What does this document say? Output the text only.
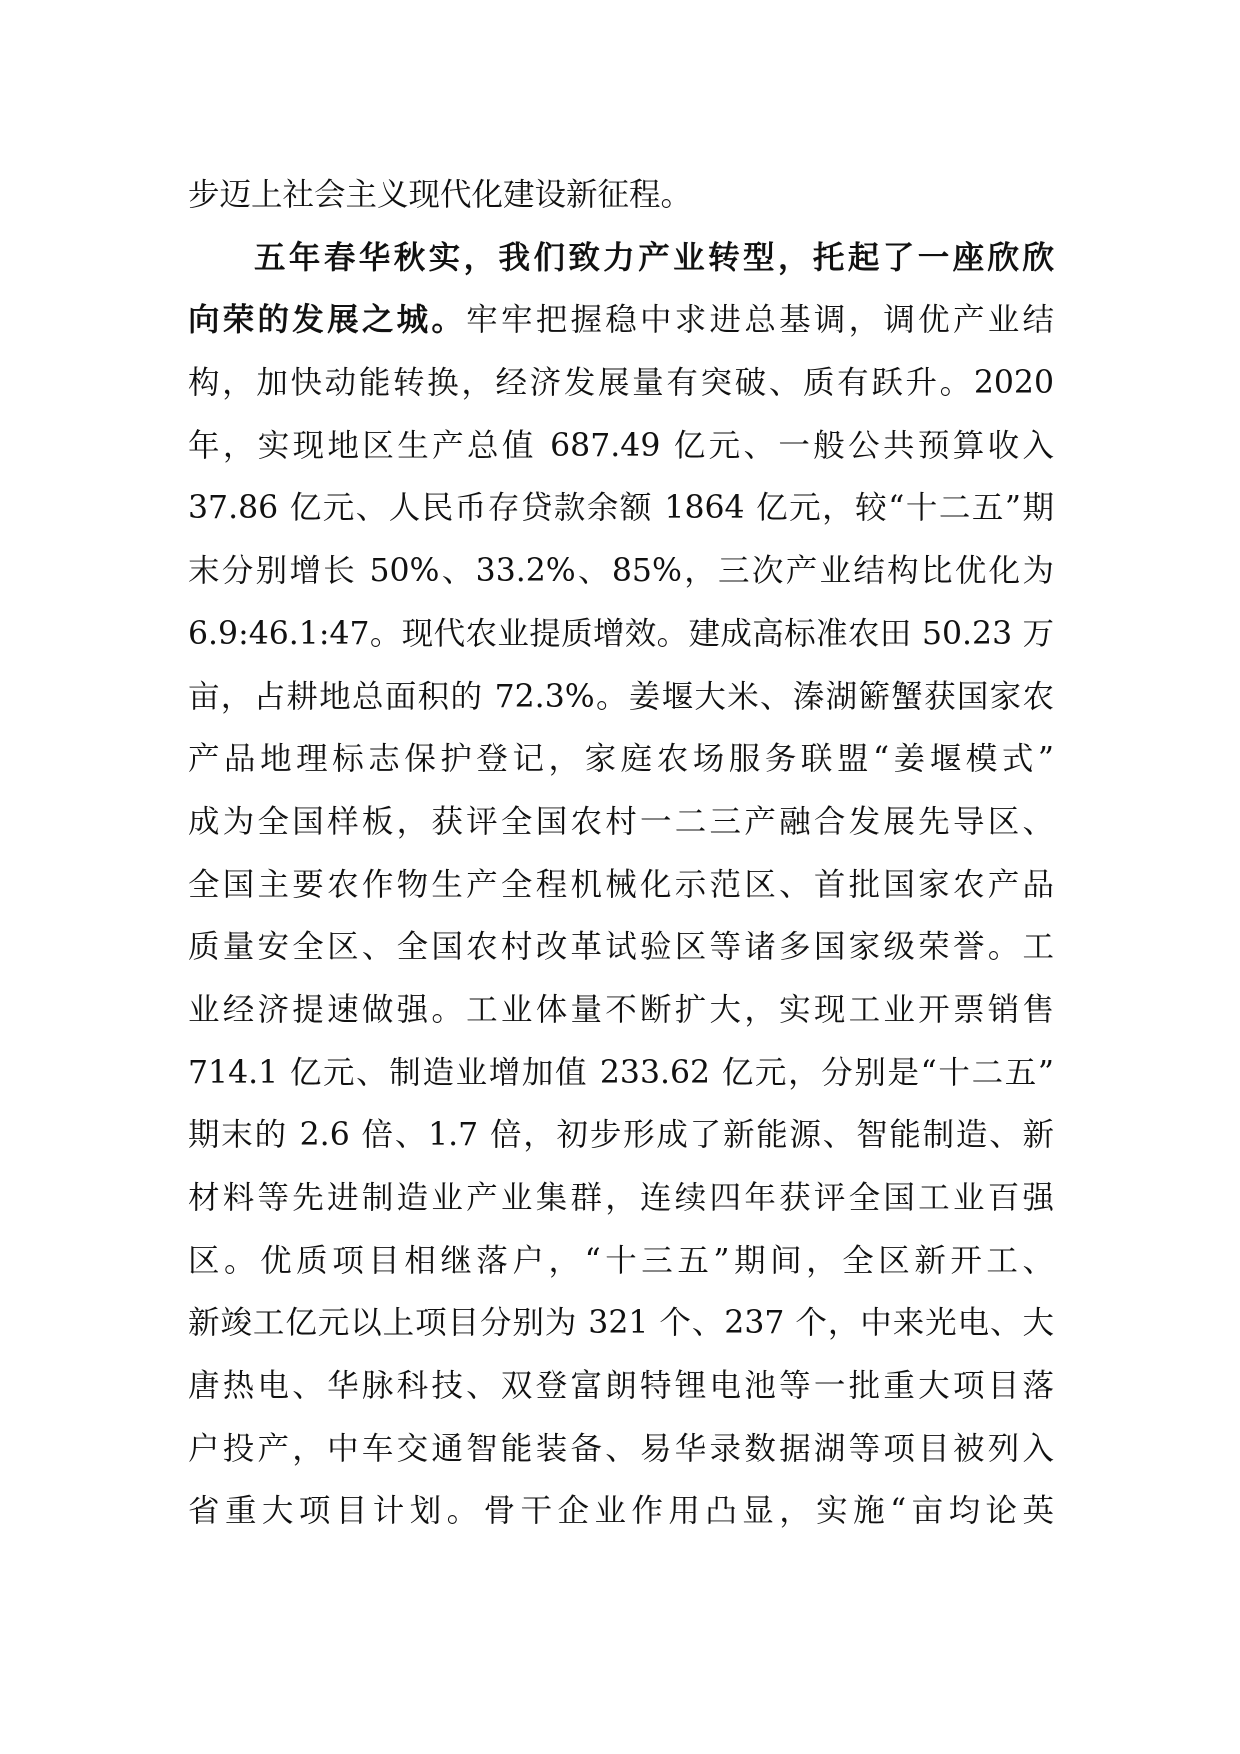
步迈上社会主义现代化建设新征程。
五年春华秋实，我们致力产业转型，托起了一座欣欣
向荣的发展之城。牢牢把握稳中求进总基调，调优产业结
构，加快动能转换，经济发展量有突破、质有跃升。2020
年，实现地区生产总值 687.49 亿元、一般公共预算收入
37.86 亿元、人民币存贷款余额 1864 亿元，较“十二五”期
末分别增长 50%、33.2%、85%，三次产业结构比优化为
6.9:46.1:47。现代农业提质增效。建成高标准农田 50.23 万
亩，占耕地总面积的 72.3%。姜堰大米、溱湖簖蟹获国家农
产品地理标志保护登记，家庭农场服务联盟“姜堰模式”
成为全国样板，获评全国农村一二三产融合发展先导区、
全国主要农作物生产全程机械化示范区、首批国家农产品
质量安全区、全国农村改革试验区等诸多国家级荣誉。工
业经济提速做强。工业体量不断扩大，实现工业开票销售
714.1 亿元、制造业增加值 233.62 亿元，分别是“十二五”
期末的 2.6 倍、1.7 倍，初步形成了新能源、智能制造、新
材料等先进制造业产业集群，连续四年获评全国工业百强
区。优质项目相继落户，“十三五”期间，全区新开工、
新竣工亿元以上项目分别为 321 个、237 个，中来光电、大
唐热电、华脉科技、双登富朗特锂电池等一批重大项目落
户投产，中车交通智能装备、易华录数据湖等项目被列入
省重大项目计划。骨干企业作用凸显，实施“亩均论英
